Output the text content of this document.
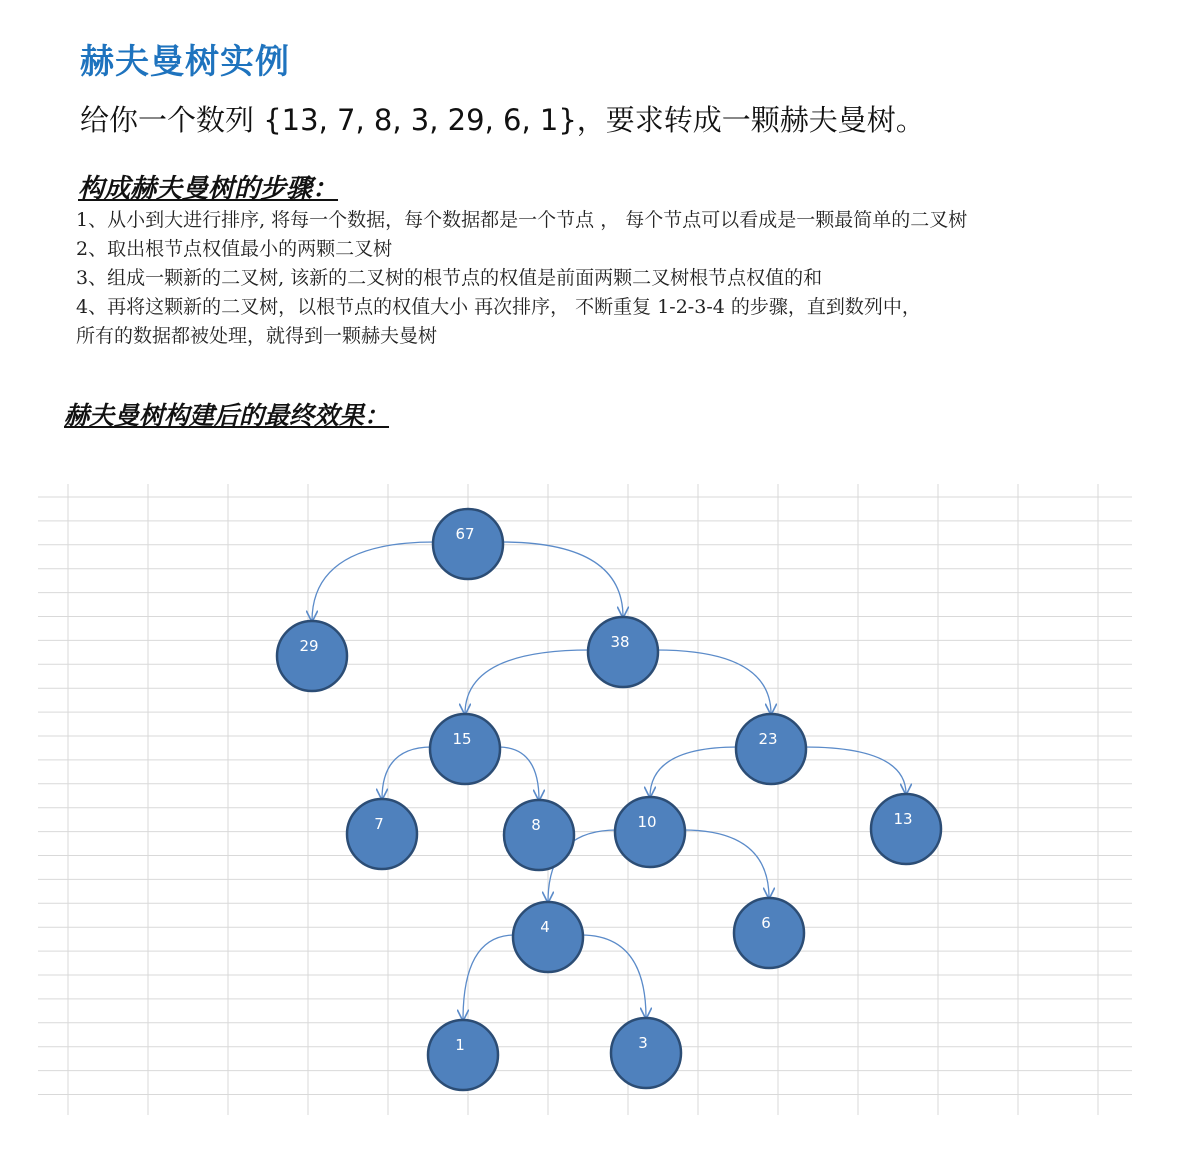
赫夫曼树实例
给你一个数列 {13, 7, 8, 3, 29, 6, 1}，要求转成一颗赫夫曼树。
构成赫夫曼树的步骤：
1、从小到大进行排序, 将每一个数据，每个数据都是一个节点 ， 每个节点可以看成是一颗最简单的二叉树
2、取出根节点权值最小的两颗二叉树
3、组成一颗新的二叉树, 该新的二叉树的根节点的权值是前面两颗二叉树根节点权值的和
4、再将这颗新的二叉树，以根节点的权值大小 再次排序， 不断重复 1-2-3-4 的步骤，直到数列中，
所有的数据都被处理，就得到一颗赫夫曼树
赫夫曼树构建后的最终效果：
67
29	38
15	23
7	8	10	13
4	6
1	3
